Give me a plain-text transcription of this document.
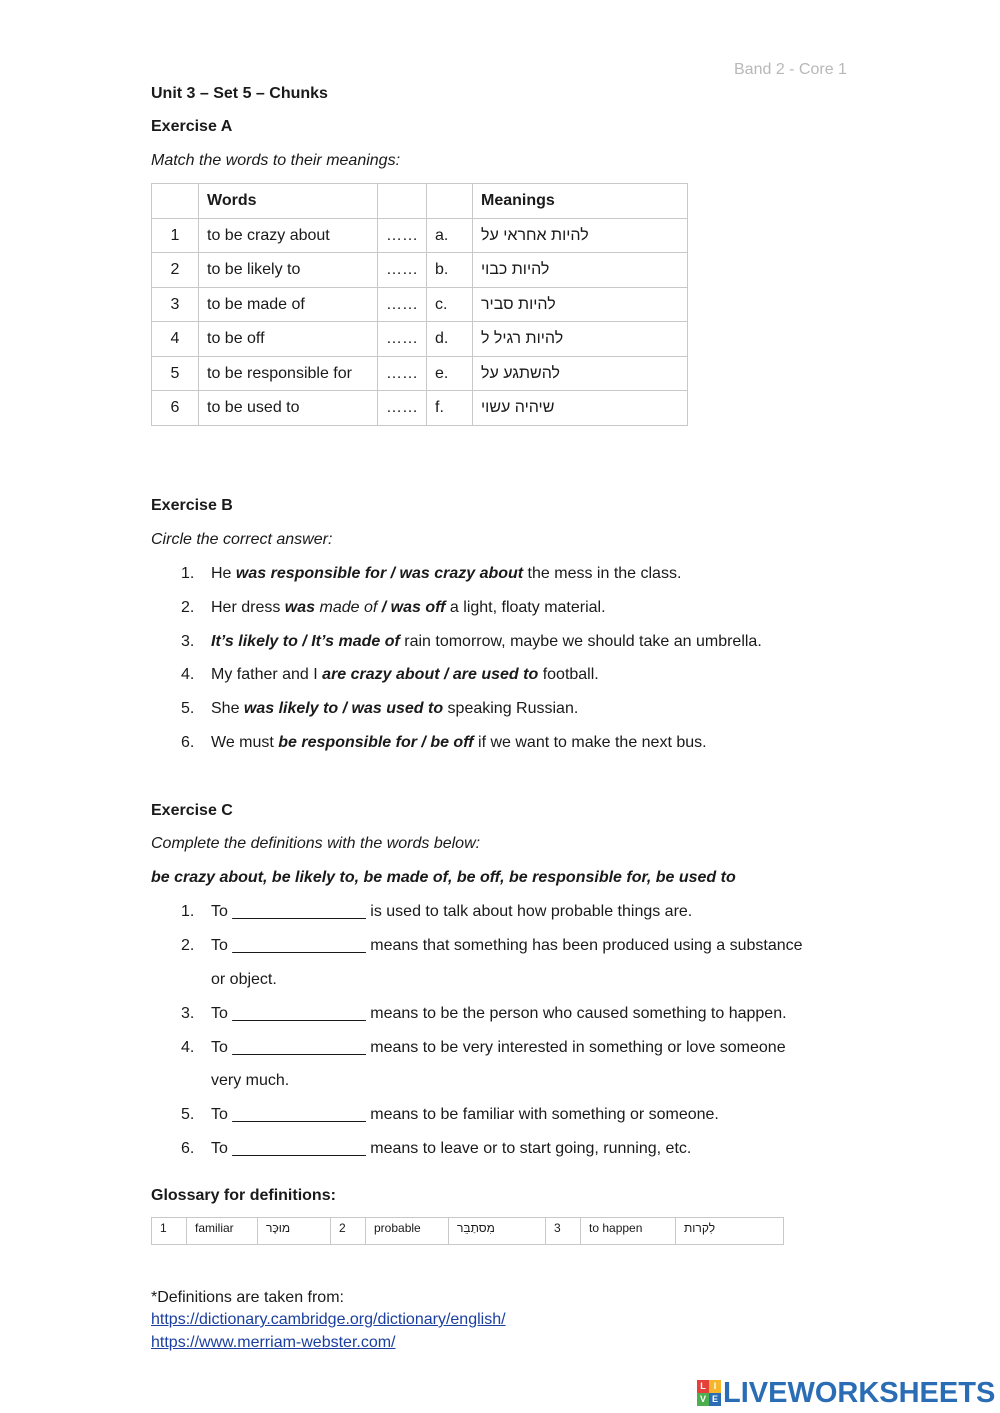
Band 2 - Core 1
Unit 3 – Set 5 – Chunks
Exercise A
Match the words to their meanings:

	Words			Meanings

1	to be crazy about	……	a.	להיות אחראי על

2	to be likely to	……	b.	להיות כבוי

3	to be made of	……	c.	להיות סביר

4	to be off	……	d.	להיות רגיל ל

5	to be responsible for	……	e.	להשתגע על

6	to be used to	……	f.	שיהיה עשוי
Exercise B
Circle the correct answer:
1.	He was responsible for / was crazy about the mess in the class.
2.	Her dress was made of / was off a light, floaty material.
3.	It’s likely to / It’s made of rain tomorrow, maybe we should take an umbrella.
4.	My father and I are crazy about / are used to football.
5.	She was likely to / was used to speaking Russian.
6.	We must be responsible for / be off if we want to make the next bus.
Exercise C
Complete the definitions with the words below:
be crazy about, be likely to, be made of, be off, be responsible for, be used to
1.	To _______________ is used to talk about how probable things are.
2.	To _______________ means that something has been produced using a substance
or object.
3.	To _______________ means to be the person who caused something to happen.
4.	To _______________ means to be very interested in something or love someone
very much.
5.	To _______________ means to be familiar with something or someone.
6.	To _______________ means to leave or to start going, running, etc.
Glossary for definitions:
1	familiar	מוּכָּר	2	probable	מִסתַבֵּר	3	to happen	לִקרות
*Definitions are taken from:
https://dictionary.cambridge.org/dictionary/english/
https://www.merriam-webster.com/
L I
V E LIVEWORKSHEETS
